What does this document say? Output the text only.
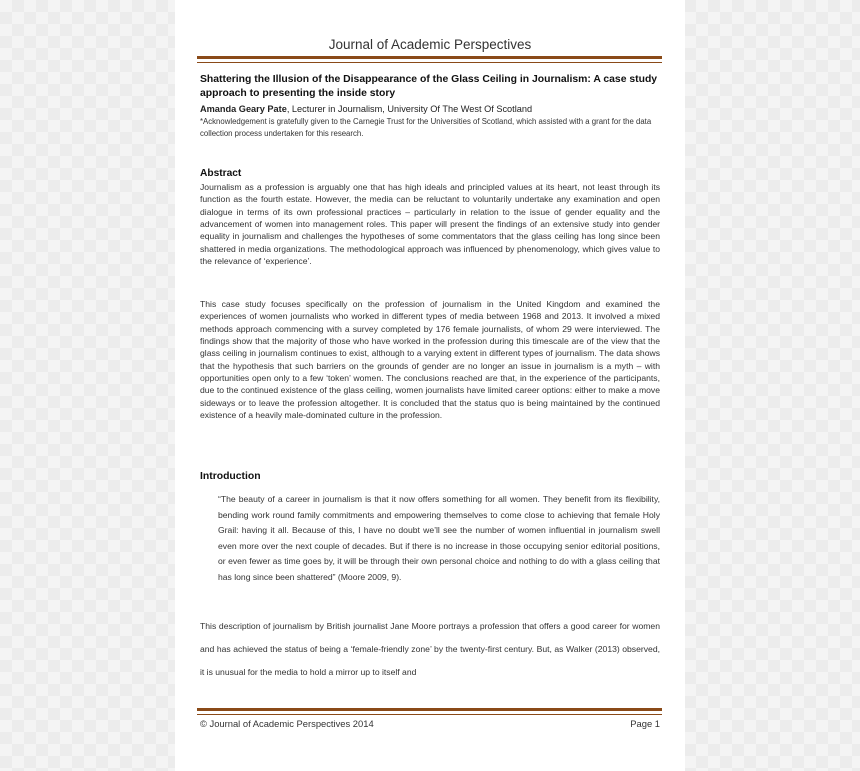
Journal of Academic Perspectives
Shattering the Illusion of the Disappearance of the Glass Ceiling in Journalism: A case study approach to presenting the inside story
Amanda Geary Pate, Lecturer in Journalism, University Of The West Of Scotland
*Acknowledgement is gratefully given to the Carnegie Trust for the Universities of Scotland, which assisted with a grant for the data collection process undertaken for this research.
Abstract
Journalism as a profession is arguably one that has high ideals and principled values at its heart, not least through its function as the fourth estate. However, the media can be reluctant to voluntarily undertake any examination and open dialogue in terms of its own professional practices – particularly in relation to the issue of gender equality and the advancement of women into management roles. This paper will present the findings of an extensive study into gender equality in journalism and challenges the hypotheses of some commentators that the glass ceiling has long since been shattered in media organizations. The methodological approach was influenced by phenomenology, which gives value to the relevance of ‘experience’.
This case study focuses specifically on the profession of journalism in the United Kingdom and examined the experiences of women journalists who worked in different types of media between 1968 and 2013. It involved a mixed methods approach commencing with a survey completed by 176 female journalists, of whom 29 were interviewed. The findings show that the majority of those who have worked in the profession during this timescale are of the view that the glass ceiling in journalism continues to exist, although to a varying extent in different types of journalism. The data shows that the hypothesis that such barriers on the grounds of gender are no longer an issue in journalism is a myth – with opportunities open only to a few ‘token’ women. The conclusions reached are that, in the experience of the participants, due to the continued existence of the glass ceiling, women journalists have limited career options: either to make a move sideways or to leave the profession altogether. It is concluded that the status quo is being maintained by the continued existence of a heavily male-dominated culture in the profession.
Introduction
“The beauty of a career in journalism is that it now offers something for all women. They benefit from its flexibility, bending work round family commitments and empowering themselves to come close to achieving that female Holy Grail: having it all. Because of this, I have no doubt we’ll see the number of women influential in journalism swell even more over the next couple of decades. But if there is no increase in those occupying senior editorial positions, or even fewer as time goes by, it will be through their own personal choice and nothing to do with a glass ceiling that has long since been shattered” (Moore 2009, 9).
This description of journalism by British journalist Jane Moore portrays a profession that offers a good career for women and has achieved the status of being a ‘female-friendly zone’ by the twenty-first century. But, as Walker (2013) observed, it is unusual for the media to hold a mirror up to itself and
© Journal of Academic Perspectives 2014	Page 1
